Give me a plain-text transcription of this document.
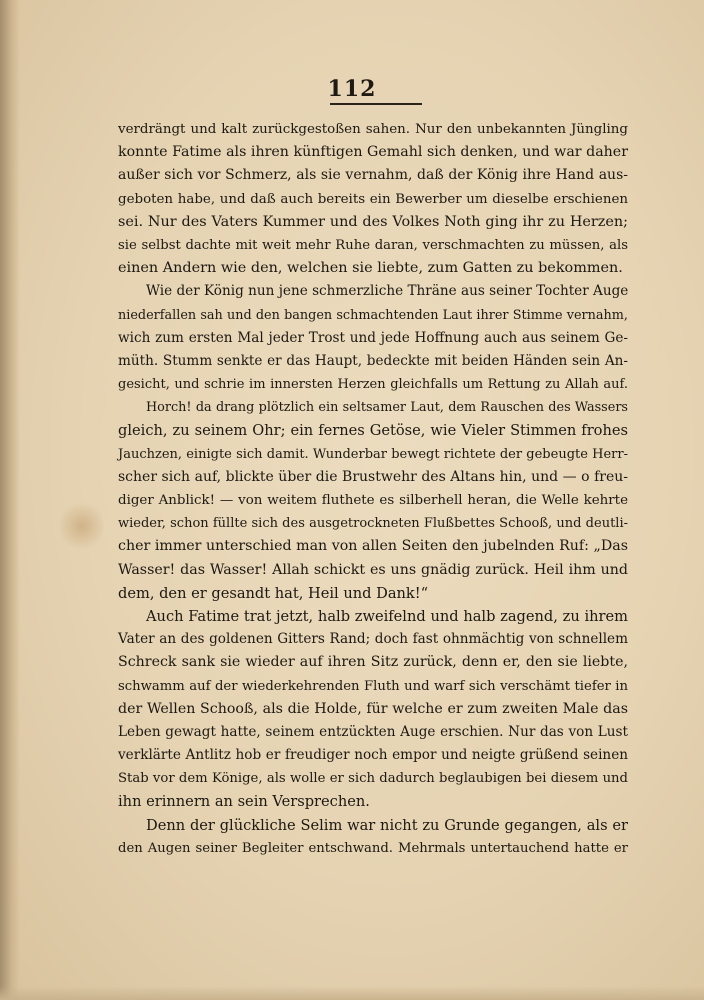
112
verdrängt und kalt zurückgestoßen sahen. Nur den unbekannten Jüngling
konnte Fatime als ihren künftigen Gemahl sich denken, und war daher
außer sich vor Schmerz, als sie vernahm, daß der König ihre Hand aus-
geboten habe, und daß auch bereits ein Bewerber um dieselbe erschienen
sei. Nur des Vaters Kummer und des Volkes Noth ging ihr zu Herzen;
sie selbst dachte mit weit mehr Ruhe daran, verschmachten zu müssen, als
einen Andern wie den, welchen sie liebte, zum Gatten zu bekommen.
Wie der König nun jene schmerzliche Thräne aus seiner Tochter Auge
niederfallen sah und den bangen schmachtenden Laut ihrer Stimme vernahm,
wich zum ersten Mal jeder Trost und jede Hoffnung auch aus seinem Ge-
müth. Stumm senkte er das Haupt, bedeckte mit beiden Händen sein An-
gesicht, und schrie im innersten Herzen gleichfalls um Rettung zu Allah auf.
Horch! da drang plötzlich ein seltsamer Laut, dem Rauschen des Wassers
gleich, zu seinem Ohr; ein fernes Getöse, wie Vieler Stimmen frohes
Jauchzen, einigte sich damit. Wunderbar bewegt richtete der gebeugte Herr-
scher sich auf, blickte über die Brustwehr des Altans hin, und — o freu-
diger Anblick! — von weitem fluthete es silberhell heran, die Welle kehrte
wieder, schon füllte sich des ausgetrockneten Flußbettes Schooß, und deutli-
cher immer unterschied man von allen Seiten den jubelnden Ruf: „Das
Wasser! das Wasser! Allah schickt es uns gnädig zurück. Heil ihm und
dem, den er gesandt hat, Heil und Dank!“
Auch Fatime trat jetzt, halb zweifelnd und halb zagend, zu ihrem
Vater an des goldenen Gitters Rand; doch fast ohnmächtig von schnellem
Schreck sank sie wieder auf ihren Sitz zurück, denn er, den sie liebte,
schwamm auf der wiederkehrenden Fluth und warf sich verschämt tiefer in
der Wellen Schooß, als die Holde, für welche er zum zweiten Male das
Leben gewagt hatte, seinem entzückten Auge erschien. Nur das von Lust
verklärte Antlitz hob er freudiger noch empor und neigte grüßend seinen
Stab vor dem Könige, als wolle er sich dadurch beglaubigen bei diesem und
ihn erinnern an sein Versprechen.
Denn der glückliche Selim war nicht zu Grunde gegangen, als er
den Augen seiner Begleiter entschwand. Mehrmals untertauchend hatte er
